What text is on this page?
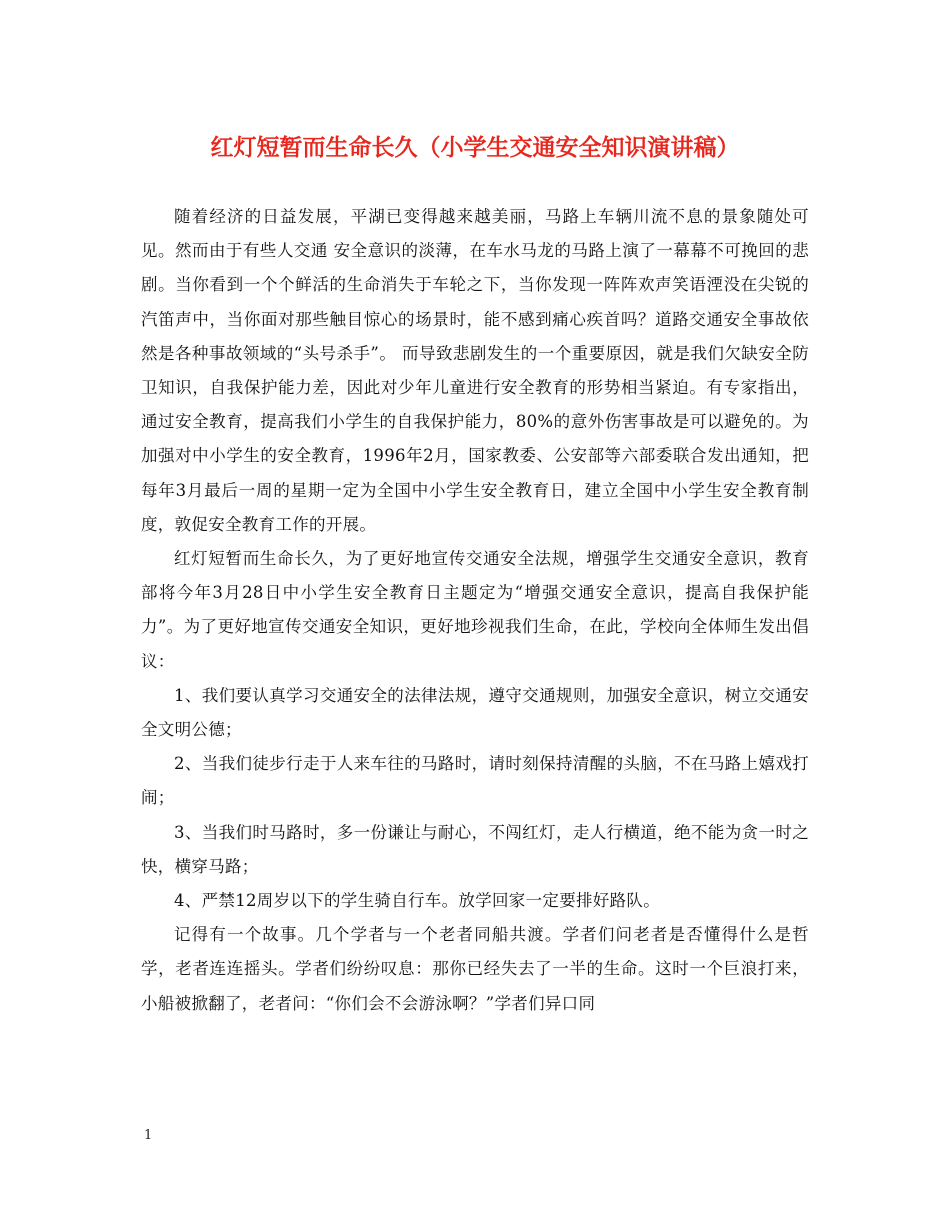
红灯短暂而生命长久（小学生交通安全知识演讲稿）

随着经济的日益发展，平湖已变得越来越美丽，马路上车辆川流不息的景象随处可见。然而由于有些人交通 安全意识的淡薄，在车水马龙的马路上演了一幕幕不可挽回的悲剧。当你看到一个个鲜活的生命消失于车轮之下，当你发现一阵阵欢声笑语湮没在尖锐的汽笛声中，当你面对那些触目惊心的场景时，能不感到痛心疾首吗？道路交通安全事故依然是各种事故领域的“头号杀手”。 而导致悲剧发生的一个重要原因，就是我们欠缺安全防卫知识，自我保护能力差，因此对少年儿童进行安全教育的形势相当紧迫。有专家指出，通过安全教育，提高我们小学生的自我保护能力，80%的意外伤害事故是可以避免的。为加强对中小学生的安全教育，1996年2月，国家教委、公安部等六部委联合发出通知，把每年3月最后一周的星期一定为全国中小学生安全教育日，建立全国中小学生安全教育制度，敦促安全教育工作的开展。

红灯短暂而生命长久，为了更好地宣传交通安全法规，增强学生交通安全意识，教育部将今年3月28日中小学生安全教育日主题定为“增强交通安全意识，提高自我保护能力”。为了更好地宣传交通安全知识，更好地珍视我们生命，在此，学校向全体师生发出倡议：

1、我们要认真学习交通安全的法律法规，遵守交通规则，加强安全意识，树立交通安全文明公德；

2、当我们徒步行走于人来车往的马路时，请时刻保持清醒的头脑，不在马路上嬉戏打闹；

3、当我们时马路时，多一份谦让与耐心，不闯红灯，走人行横道，绝不能为贪一时之快，横穿马路；

4、严禁12周岁以下的学生骑自行车。放学回家一定要排好路队。

记得有一个故事。几个学者与一个老者同船共渡。学者们问老者是否懂得什么是哲学，老者连连摇头。学者们纷纷叹息：那你已经失去了一半的生命。这时一个巨浪打来，小船被掀翻了，老者问：“你们会不会游泳啊？”学者们异口同

1
